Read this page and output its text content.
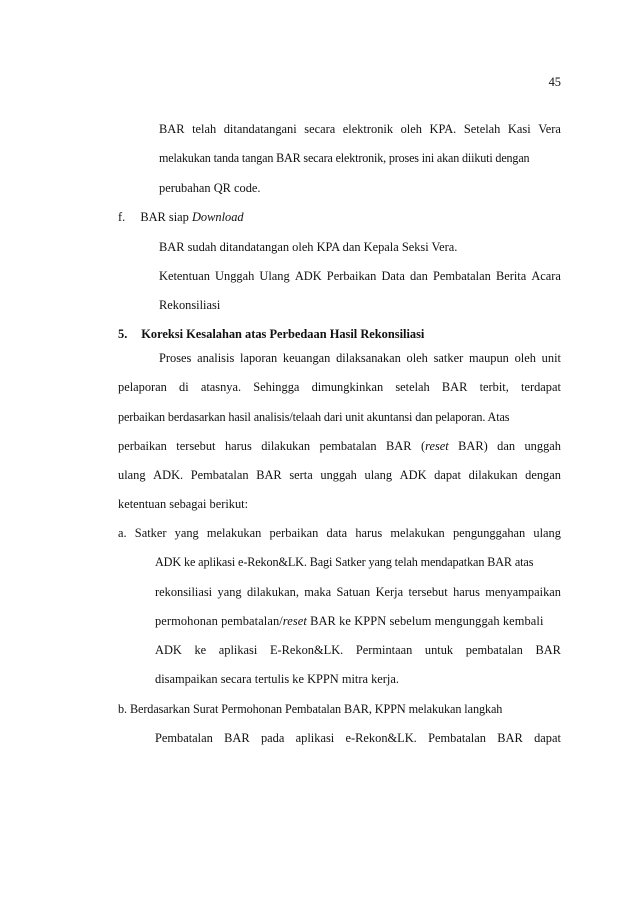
45
BAR telah ditandatangani secara elektronik oleh KPA. Setelah Kasi Vera
melakukan tanda tangan BAR secara elektronik, proses ini akan diikuti dengan
perubahan QR code.
f. BAR siap Download
BAR sudah ditandatangan oleh KPA dan Kepala Seksi Vera.
Ketentuan Unggah Ulang ADK Perbaikan Data dan Pembatalan Berita Acara
Rekonsiliasi
5. Koreksi Kesalahan atas Perbedaan Hasil Rekonsiliasi
Proses analisis laporan keuangan dilaksanakan oleh satker maupun oleh unit
pelaporan di atasnya. Sehingga dimungkinkan setelah BAR terbit, terdapat
perbaikan berdasarkan hasil analisis/telaah dari unit akuntansi dan pelaporan. Atas
perbaikan tersebut harus dilakukan pembatalan BAR (reset BAR) dan unggah
ulang ADK. Pembatalan BAR serta unggah ulang ADK dapat dilakukan dengan
ketentuan sebagai berikut:
a. Satker yang melakukan perbaikan data harus melakukan pengunggahan ulang
ADK ke aplikasi e-Rekon&LK. Bagi Satker yang telah mendapatkan BAR atas
rekonsiliasi yang dilakukan, maka Satuan Kerja tersebut harus menyampaikan
permohonan pembatalan/reset BAR ke KPPN sebelum mengunggah kembali
ADK ke aplikasi E-Rekon&LK. Permintaan untuk pembatalan BAR
disampaikan secara tertulis ke KPPN mitra kerja.
b. Berdasarkan Surat Permohonan Pembatalan BAR, KPPN melakukan langkah
Pembatalan BAR pada aplikasi e-Rekon&LK. Pembatalan BAR dapat
